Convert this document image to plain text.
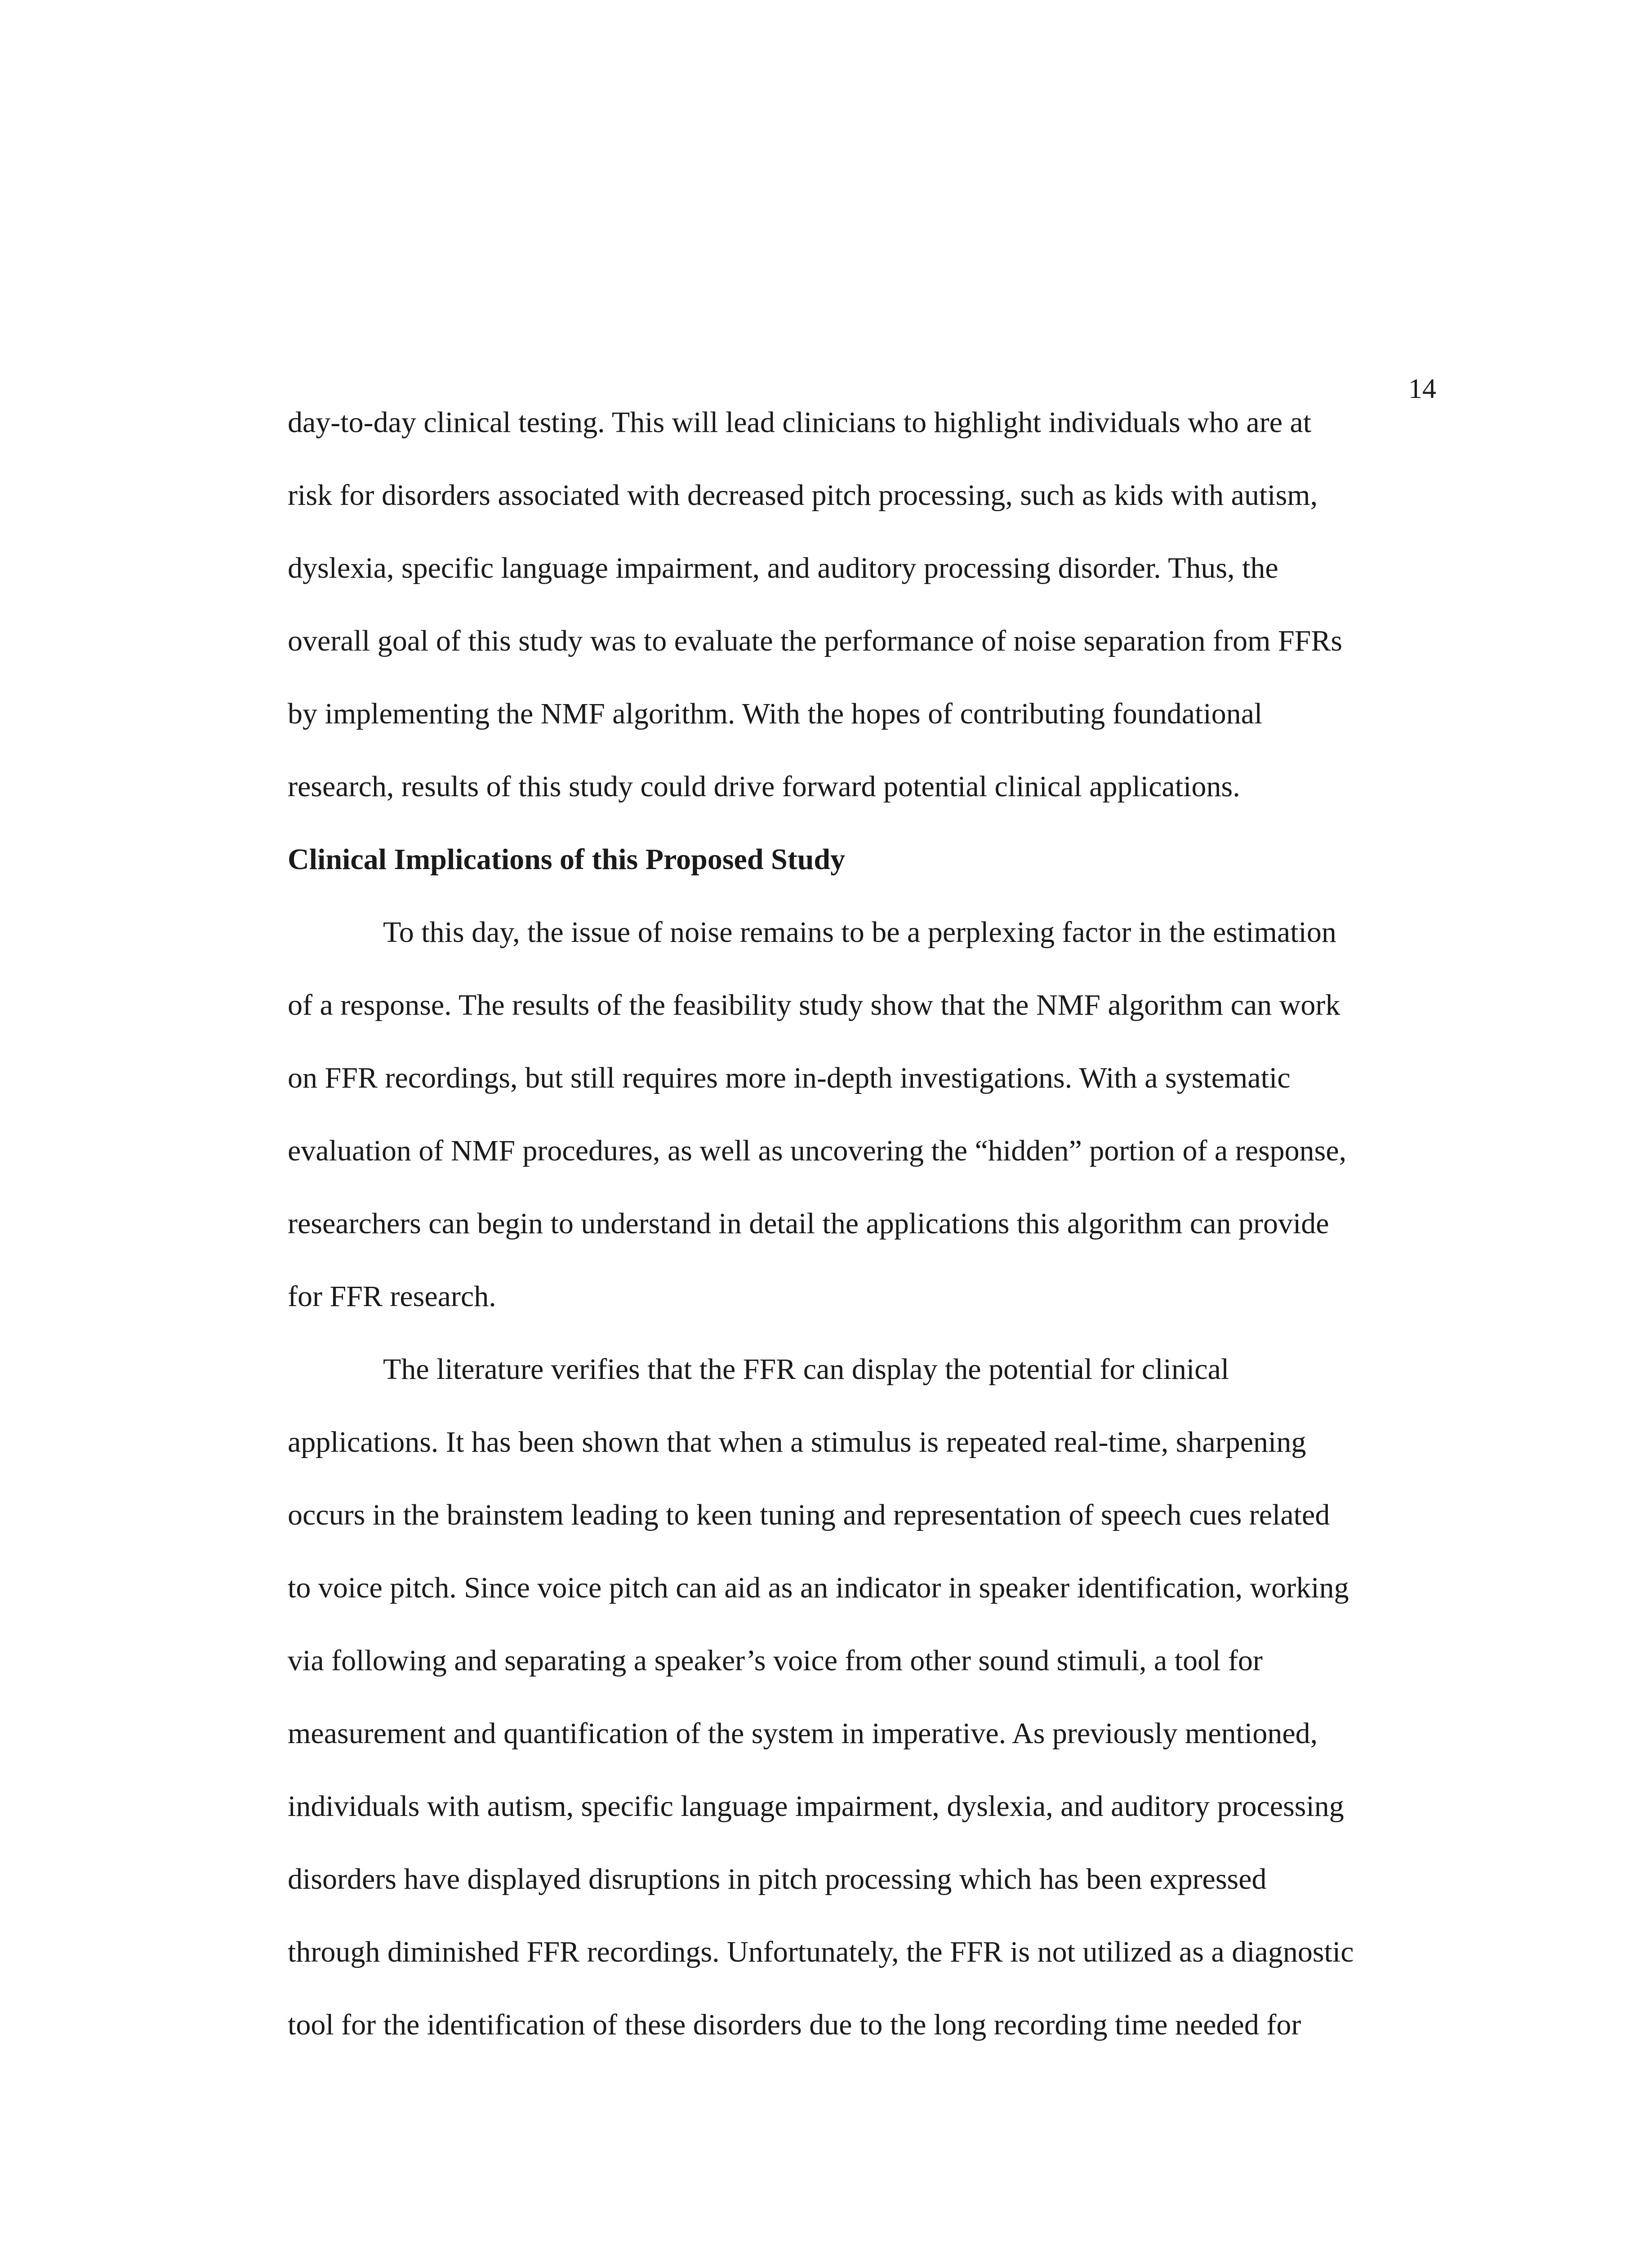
14
day-to-day clinical testing. This will lead clinicians to highlight individuals who are at
risk for disorders associated with decreased pitch processing, such as kids with autism,
dyslexia, specific language impairment, and auditory processing disorder. Thus, the
overall goal of this study was to evaluate the performance of noise separation from FFRs
by implementing the NMF algorithm. With the hopes of contributing foundational
research, results of this study could drive forward potential clinical applications.
Clinical Implications of this Proposed Study
To this day, the issue of noise remains to be a perplexing factor in the estimation
of a response. The results of the feasibility study show that the NMF algorithm can work
on FFR recordings, but still requires more in-depth investigations. With a systematic
evaluation of NMF procedures, as well as uncovering the “hidden” portion of a response,
researchers can begin to understand in detail the applications this algorithm can provide
for FFR research.
The literature verifies that the FFR can display the potential for clinical
applications. It has been shown that when a stimulus is repeated real-time, sharpening
occurs in the brainstem leading to keen tuning and representation of speech cues related
to voice pitch. Since voice pitch can aid as an indicator in speaker identification, working
via following and separating a speaker’s voice from other sound stimuli, a tool for
measurement and quantification of the system in imperative. As previously mentioned,
individuals with autism, specific language impairment, dyslexia, and auditory processing
disorders have displayed disruptions in pitch processing which has been expressed
through diminished FFR recordings. Unfortunately, the FFR is not utilized as a diagnostic
tool for the identification of these disorders due to the long recording time needed for
